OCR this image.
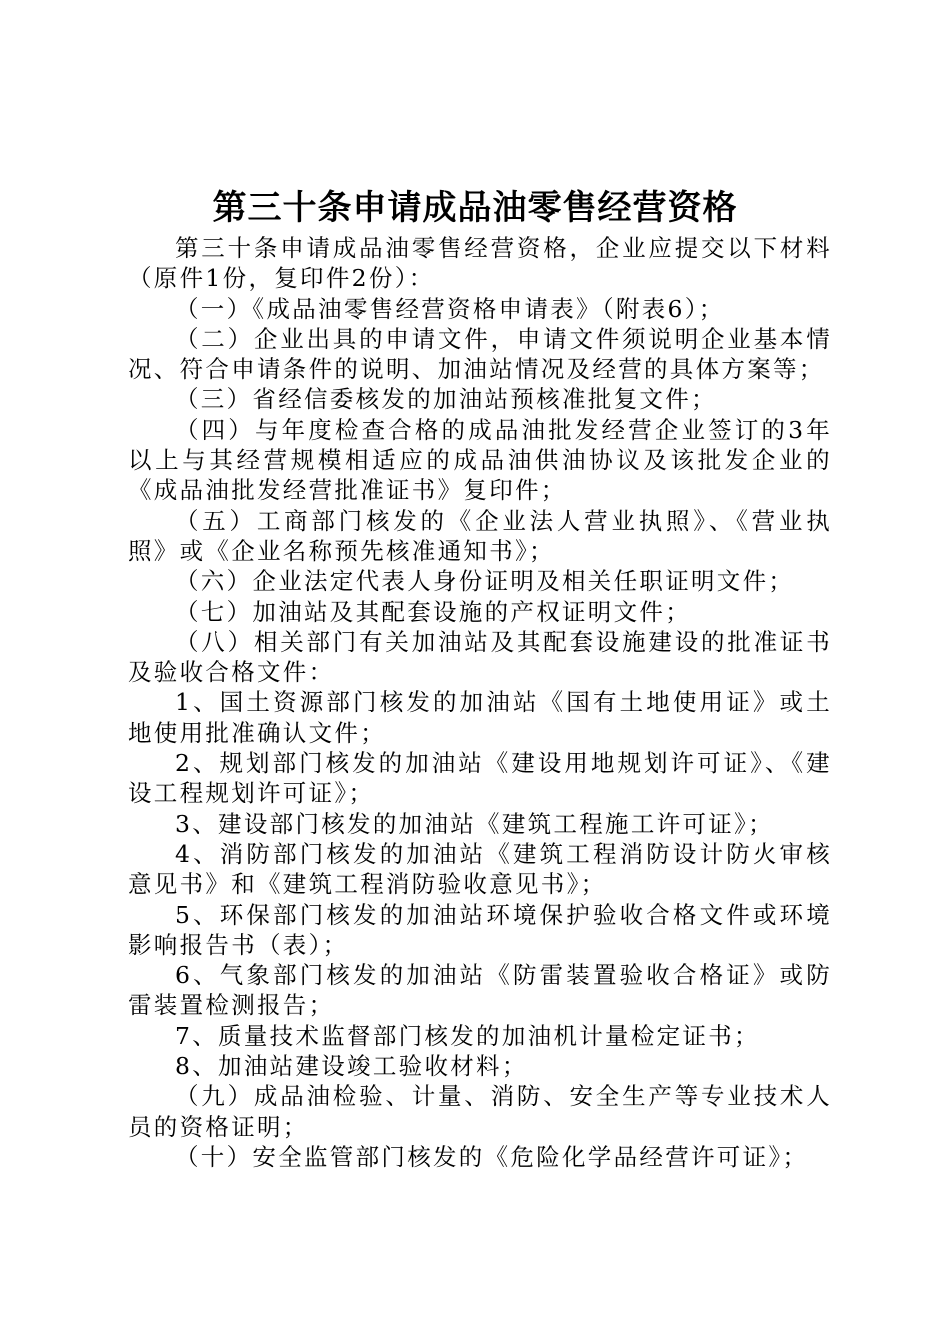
第三十条申请成品油零售经营资格

第三十条申请成品油零售经营资格，企业应提交以下材料（原件1份，复印件2份）：

（一）《成品油零售经营资格申请表》（附表6）；

（二）企业出具的申请文件，申请文件须说明企业基本情况、符合申请条件的说明、加油站情况及经营的具体方案等；

（三）省经信委核发的加油站预核准批复文件；

（四）与年度检查合格的成品油批发经营企业签订的3年以上与其经营规模相适应的成品油供油协议及该批发企业的《成品油批发经营批准证书》复印件；

（五）工商部门核发的《企业法人营业执照》、《营业执照》或《企业名称预先核准通知书》；

（六）企业法定代表人身份证明及相关任职证明文件；

（七）加油站及其配套设施的产权证明文件；

（八）相关部门有关加油站及其配套设施建设的批准证书及验收合格文件：

1、国土资源部门核发的加油站《国有土地使用证》或土地使用批准确认文件；

2、规划部门核发的加油站《建设用地规划许可证》、《建设工程规划许可证》；

3、建设部门核发的加油站《建筑工程施工许可证》；

4、消防部门核发的加油站《建筑工程消防设计防火审核意见书》和《建筑工程消防验收意见书》；

5、环保部门核发的加油站环境保护验收合格文件或环境影响报告书（表）；

6、气象部门核发的加油站《防雷装置验收合格证》或防雷装置检测报告；

7、质量技术监督部门核发的加油机计量检定证书；

8、加油站建设竣工验收材料；

（九）成品油检验、计量、消防、安全生产等专业技术人员的资格证明；

（十）安全监管部门核发的《危险化学品经营许可证》；
